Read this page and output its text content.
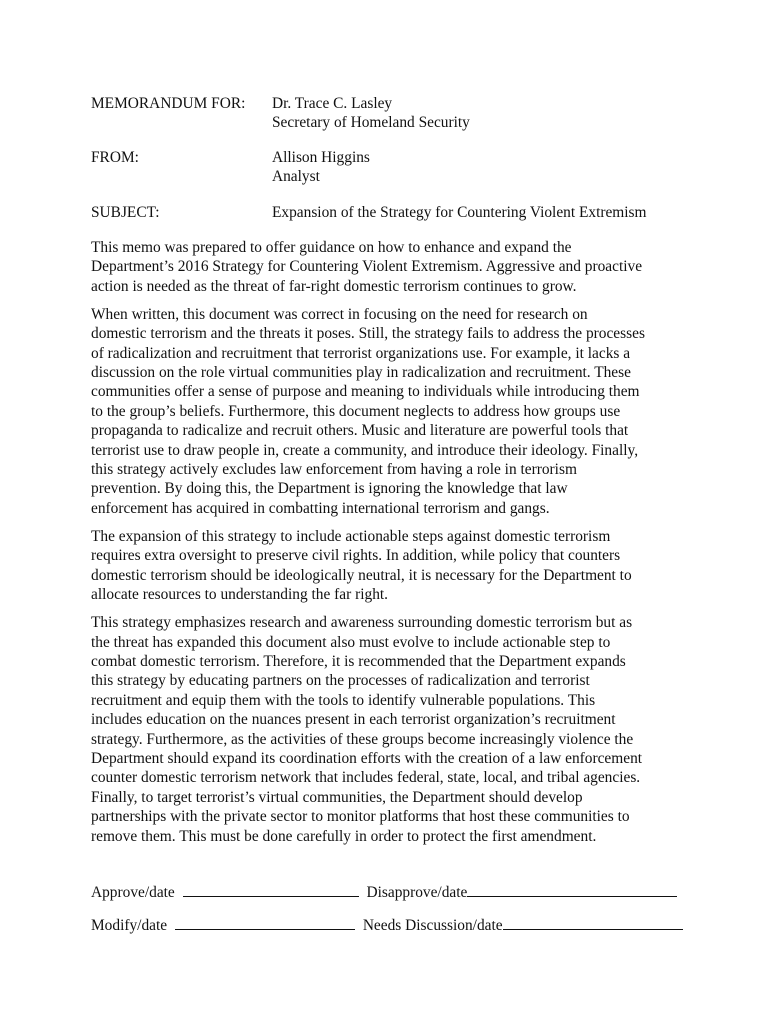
MEMORANDUM FOR: Dr. Trace C. Lasley
Secretary of Homeland Security
FROM:	Allison Higgins
Analyst
SUBJECT:	Expansion of the Strategy for Countering Violent Extremism

This memo was prepared to offer guidance on how to enhance and expand the
Department’s 2016 Strategy for Countering Violent Extremism. Aggressive and proactive
action is needed as the threat of far-right domestic terrorism continues to grow.

When written, this document was correct in focusing on the need for research on
domestic terrorism and the threats it poses. Still, the strategy fails to address the processes
of radicalization and recruitment that terrorist organizations use. For example, it lacks a
discussion on the role virtual communities play in radicalization and recruitment. These
communities offer a sense of purpose and meaning to individuals while introducing them
to the group’s beliefs. Furthermore, this document neglects to address how groups use
propaganda to radicalize and recruit others. Music and literature are powerful tools that
terrorist use to draw people in, create a community, and introduce their ideology. Finally,
this strategy actively excludes law enforcement from having a role in terrorism
prevention. By doing this, the Department is ignoring the knowledge that law
enforcement has acquired in combatting international terrorism and gangs.

The expansion of this strategy to include actionable steps against domestic terrorism
requires extra oversight to preserve civil rights. In addition, while policy that counters
domestic terrorism should be ideologically neutral, it is necessary for the Department to
allocate resources to understanding the far right.

This strategy emphasizes research and awareness surrounding domestic terrorism but as
the threat has expanded this document also must evolve to include actionable step to
combat domestic terrorism. Therefore, it is recommended that the Department expands
this strategy by educating partners on the processes of radicalization and terrorist
recruitment and equip them with the tools to identify vulnerable populations. This
includes education on the nuances present in each terrorist organization’s recruitment
strategy. Furthermore, as the activities of these groups become increasingly violence the
Department should expand its coordination efforts with the creation of a law enforcement
counter domestic terrorism network that includes federal, state, local, and tribal agencies.
Finally, to target terrorist’s virtual communities, the Department should develop
partnerships with the private sector to monitor platforms that host these communities to
remove them. This must be done carefully in order to protect the first amendment.

Approve/date	Disapprove/date
Modify/date	Needs Discussion/date
